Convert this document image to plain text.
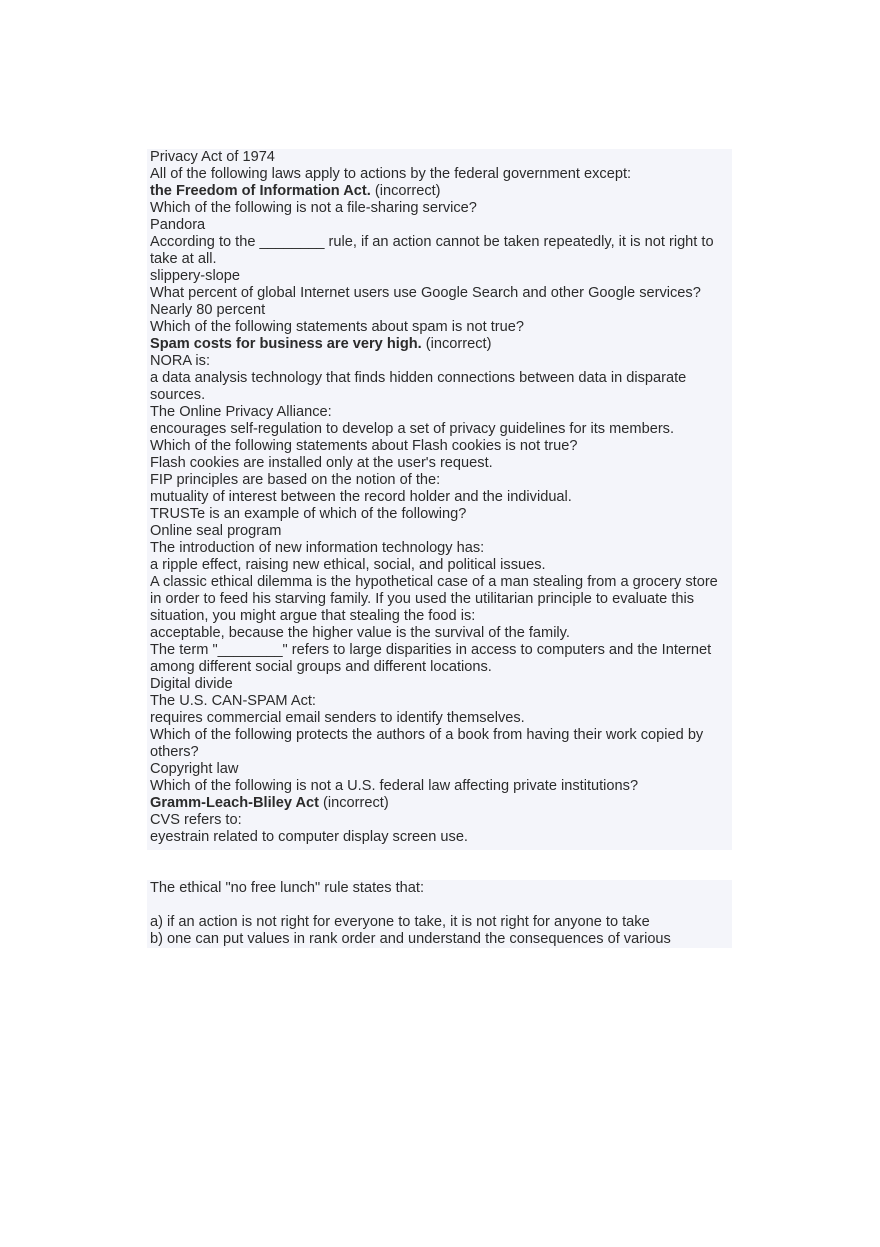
Privacy Act of 1974

All of the following laws apply to actions by the federal government except:

the Freedom of Information Act. (incorrect)

Which of the following is not a file-sharing service?

Pandora

According to the ________ rule, if an action cannot be taken repeatedly, it is not right to take at all.

slippery-slope

What percent of global Internet users use Google Search and other Google services?

Nearly 80 percent

Which of the following statements about spam is not true?

Spam costs for business are very high. (incorrect)

NORA is:

a data analysis technology that finds hidden connections between data in disparate sources.

The Online Privacy Alliance:

encourages self-regulation to develop a set of privacy guidelines for its members.

Which of the following statements about Flash cookies is not true?

Flash cookies are installed only at the user's request.

FIP principles are based on the notion of the:

mutuality of interest between the record holder and the individual.

TRUSTe is an example of which of the following?

Online seal program

The introduction of new information technology has:

a ripple effect, raising new ethical, social, and political issues.

A classic ethical dilemma is the hypothetical case of a man stealing from a grocery store in order to feed his starving family. If you used the utilitarian principle to evaluate this situation, you might argue that stealing the food is:

acceptable, because the higher value is the survival of the family.

The term "________" refers to large disparities in access to computers and the Internet among different social groups and different locations.

Digital divide

The U.S. CAN-SPAM Act:

requires commercial email senders to identify themselves.

Which of the following protects the authors of a book from having their work copied by others?

Copyright law

Which of the following is not a U.S. federal law affecting private institutions?

Gramm-Leach-Bliley Act (incorrect)

CVS refers to:

eyestrain related to computer display screen use.

The ethical "no free lunch" rule states that:

a) if an action is not right for everyone to take, it is not right for anyone to take

b) one can put values in rank order and understand the consequences of various
